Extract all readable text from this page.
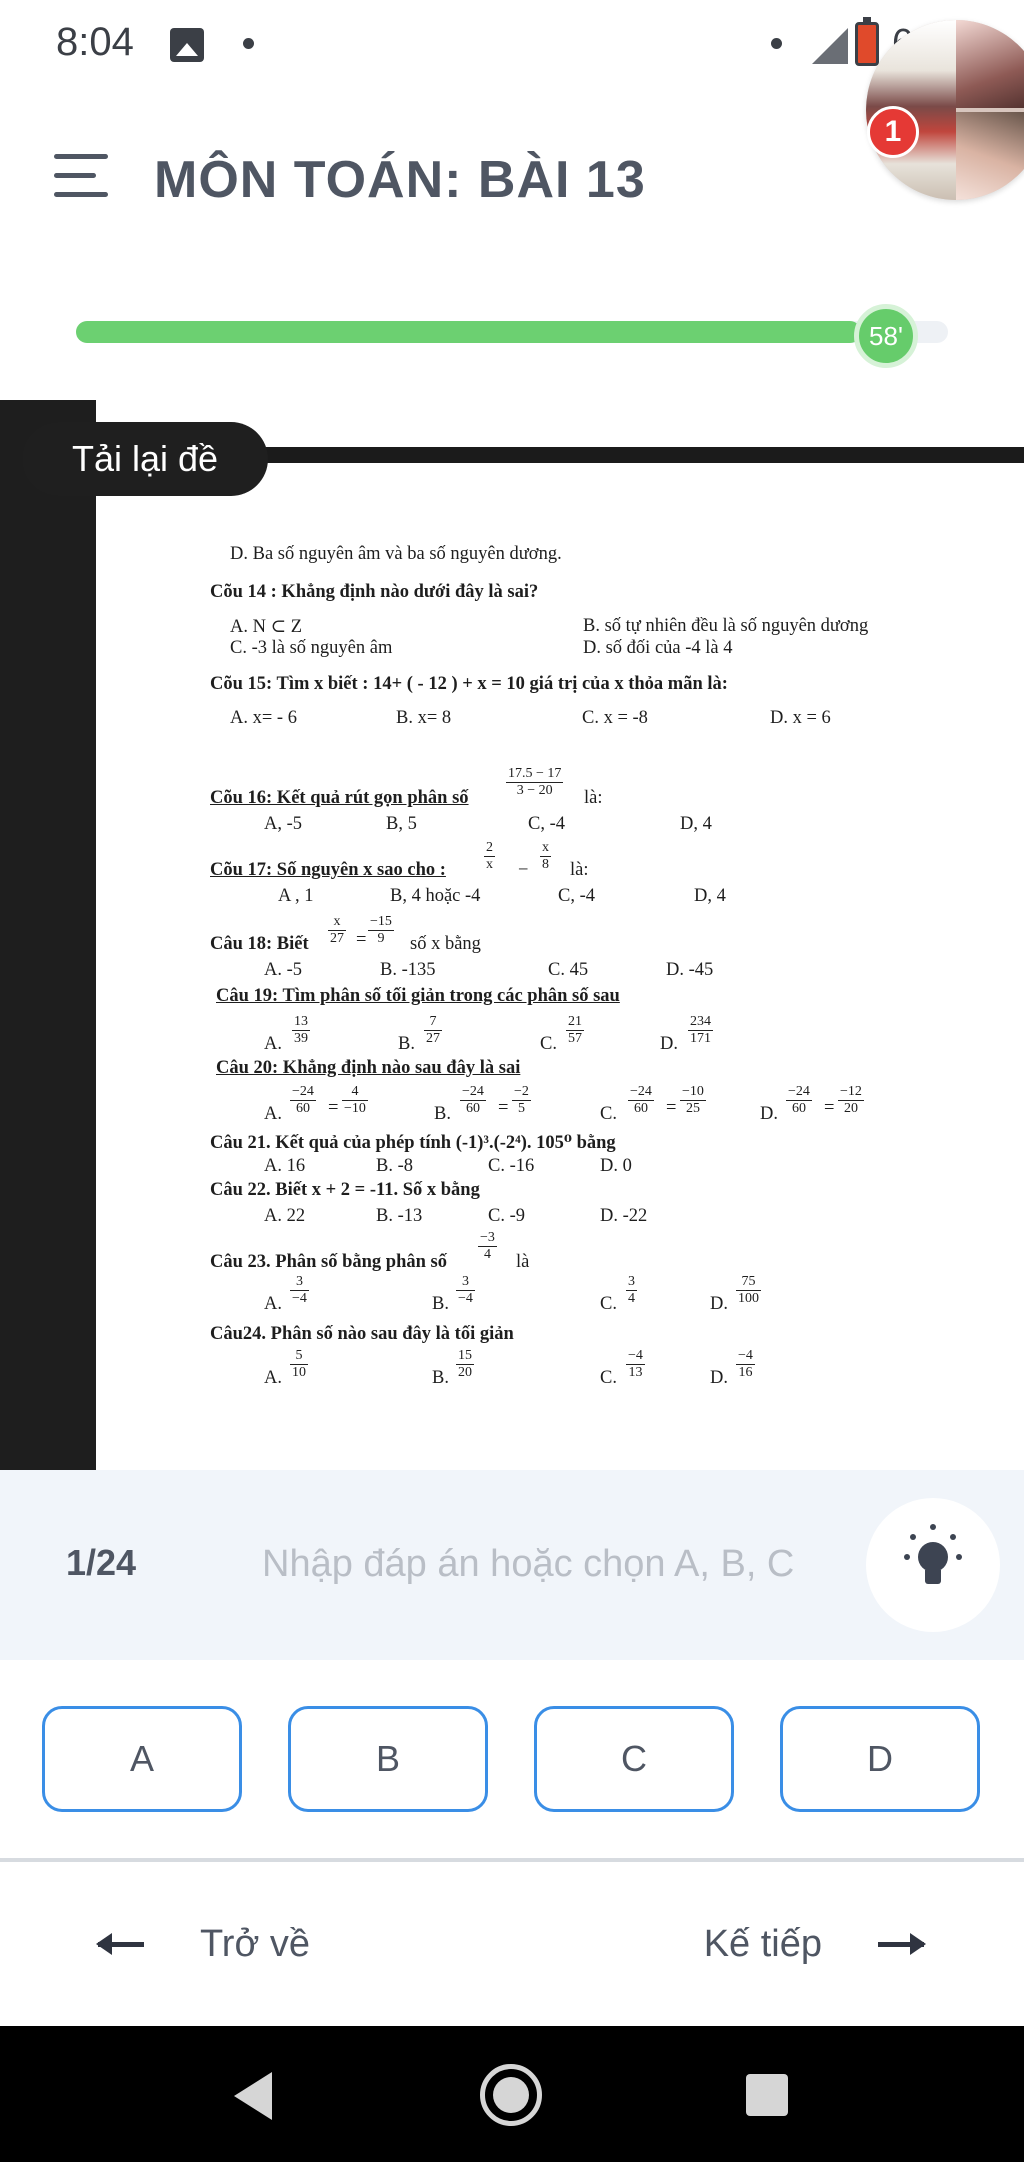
8:04
MÔN TOÁN: BÀI 13
1
58'
Tải lại đề
D. Ba số nguyên âm và ba số nguyên dương.
Cõu 14 : Khẳng định nào dưới đây là sai?
A. N ⊂ Z	B. số tự nhiên đều là số nguyên dương
C. -3 là số nguyên âm	D. số đối của -4 là 4
Cõu 15: Tìm x biết : 14+ ( - 12 ) + x = 10 giá trị của x thỏa mãn là:
A. x= - 6	B. x= 8	C. x = -8	D. x = 6
Cõu 16: Kết quả rút gọn phân số	$\frac{17.5 - 17}{3 - 20}$ là:
A, -5	B, 5	C, -4	D, 4
Cõu 17: Số nguyên x sao cho :	$\frac{2}{x} - \frac{x}{8}$ là:
A , 1	B, 4 hoặc -4	C, -4	D, 4
Câu 18: Biết $\frac{x}{27} = \frac{-15}{9}$ số x bằng
A. -5	B. -135	C. 45	D. -45
Câu 19: Tìm phân số tối giản trong các phân số sau
A. $\frac{13}{39}$	B. $\frac{7}{27}$	C. $\frac{21}{57}$	D. $\frac{234}{171}$
Câu 20: Khẳng định nào sau đây là sai
A. $\frac{-24}{60} = \frac{4}{-10}$	B. $\frac{-24}{60} = \frac{-2}{5}$	C. $\frac{-24}{60} = \frac{-10}{25}$	D. $\frac{-24}{60} = \frac{-12}{20}$
Câu 21. Kết quả của phép tính (-1)³.(-2⁴). 105⁰ bằng
A. 16	B. -8	C. -16	D. 0
Câu 22. Biết x + 2 = -11. Số x bằng
A. 22	B. -13	C. -9	D. -22
Câu 23. Phân số bằng phân số $\frac{-3}{4}$ là
A. $\frac{3}{-4}$	B. $\frac{3}{-4}$	C. $\frac{3}{4}$	D. $\frac{75}{100}$
Câu24. Phân số nào sau đây là tối giản
A. $\frac{5}{10}$	B. $\frac{15}{20}$	C. $\frac{-4}{13}$	D. $\frac{-4}{16}$
1/24
Nhập đáp án hoặc chọn A, B, C
A	B	C	D
Trở về	Kế tiếp
